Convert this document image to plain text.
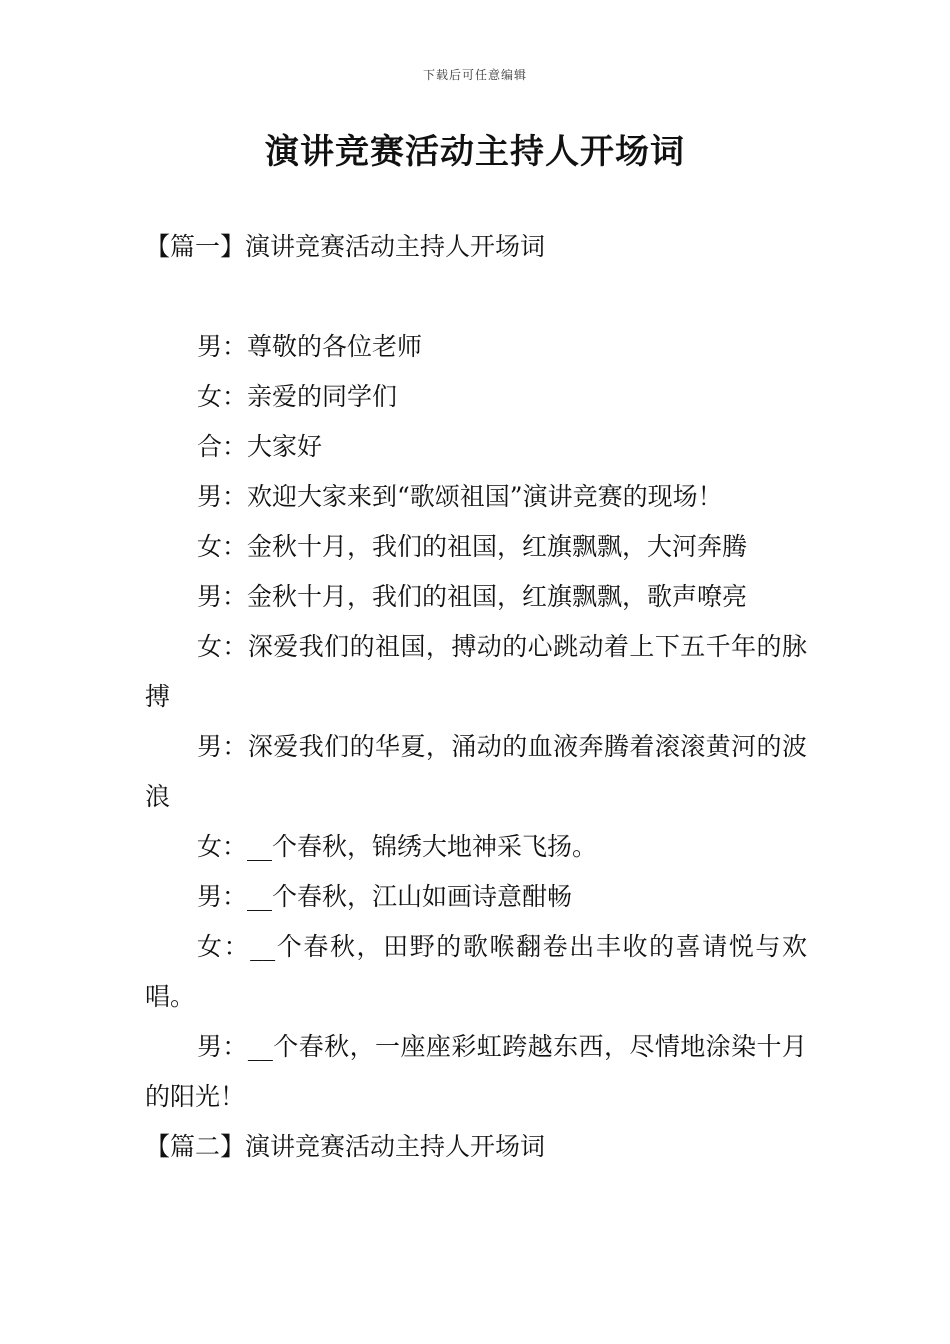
下载后可任意编辑
演讲竞赛活动主持人开场词
【篇一】演讲竞赛活动主持人开场词

男：尊敬的各位老师

女：亲爱的同学们

合：大家好

男：欢迎大家来到“歌颂祖国”演讲竞赛的现场！

女：金秋十月，我们的祖国，红旗飘飘，大河奔腾

男：金秋十月，我们的祖国，红旗飘飘，歌声嘹亮

女：深爱我们的祖国，搏动的心跳动着上下五千年的脉搏

男：深爱我们的华夏，涌动的血液奔腾着滚滚黄河的波浪

女：__个春秋，锦绣大地神采飞扬。

男：__个春秋，江山如画诗意酣畅

女：__个春秋，田野的歌喉翻卷出丰收的喜请悦与欢唱。

男：__个春秋，一座座彩虹跨越东西，尽情地涂染十月的阳光！

【篇二】演讲竞赛活动主持人开场词
